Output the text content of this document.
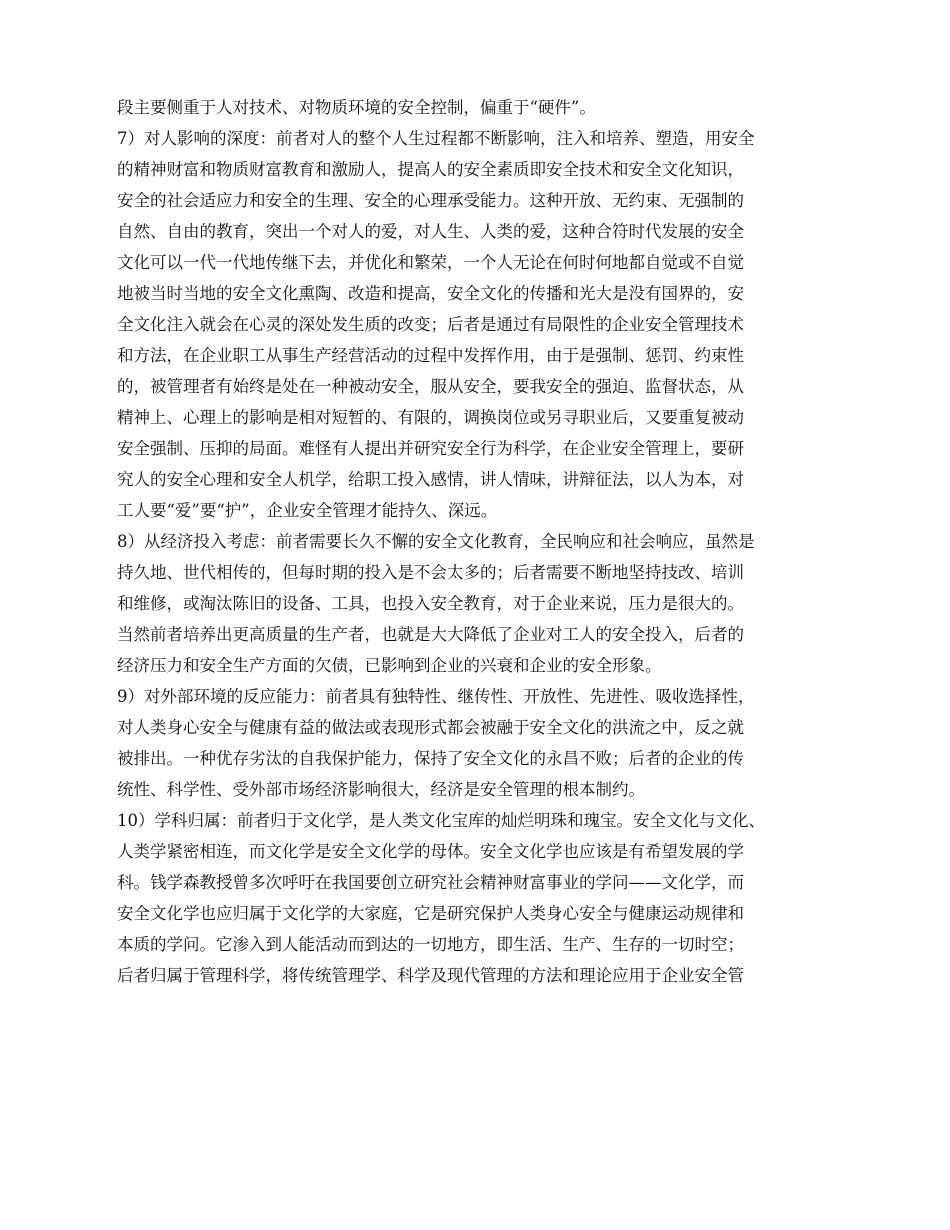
段主要侧重于人对技术、对物质环境的安全控制，偏重于“硬件”。
7）对人影响的深度：前者对人的整个人生过程都不断影响，注入和培养、塑造，用安全
的精神财富和物质财富教育和激励人，提高人的安全素质即安全技术和安全文化知识，
安全的社会适应力和安全的生理、安全的心理承受能力。这种开放、无约束、无强制的
自然、自由的教育，突出一个对人的爱，对人生、人类的爱，这种合符时代发展的安全
文化可以一代一代地传继下去，并优化和繁荣，一个人无论在何时何地都自觉或不自觉
地被当时当地的安全文化熏陶、改造和提高，安全文化的传播和光大是没有国界的，安
全文化注入就会在心灵的深处发生质的改变；后者是通过有局限性的企业安全管理技术
和方法，在企业职工从事生产经营活动的过程中发挥作用，由于是强制、惩罚、约束性
的，被管理者有始终是处在一种被动安全，服从安全，要我安全的强迫、监督状态，从
精神上、心理上的影响是相对短暂的、有限的，调换岗位或另寻职业后，又要重复被动
安全强制、压抑的局面。难怪有人提出并研究安全行为科学，在企业安全管理上，要研
究人的安全心理和安全人机学，给职工投入感情，讲人情味，讲辩征法，以人为本，对
工人要“爱”要“护”，企业安全管理才能持久、深远。
8）从经济投入考虑：前者需要长久不懈的安全文化教育，全民响应和社会响应，虽然是
持久地、世代相传的，但每时期的投入是不会太多的；后者需要不断地坚持技改、培训
和维修，或淘汰陈旧的设备、工具，也投入安全教育，对于企业来说，压力是很大的。
当然前者培养出更高质量的生产者，也就是大大降低了企业对工人的安全投入，后者的
经济压力和安全生产方面的欠债，已影响到企业的兴衰和企业的安全形象。
9）对外部环境的反应能力：前者具有独特性、继传性、开放性、先进性、吸收选择性，
对人类身心安全与健康有益的做法或表现形式都会被融于安全文化的洪流之中，反之就
被排出。一种优存劣汰的自我保护能力，保持了安全文化的永昌不败；后者的企业的传
统性、科学性、受外部市场经济影响很大，经济是安全管理的根本制约。
10）学科归属：前者归于文化学，是人类文化宝库的灿烂明珠和瑰宝。安全文化与文化、
人类学紧密相连，而文化学是安全文化学的母体。安全文化学也应该是有希望发展的学
科。钱学森教授曾多次呼吁在我国要创立研究社会精神财富事业的学问——文化学，而
安全文化学也应归属于文化学的大家庭，它是研究保护人类身心安全与健康运动规律和
本质的学问。它渗入到人能活动而到达的一切地方，即生活、生产、生存的一切时空；
后者归属于管理科学，将传统管理学、科学及现代管理的方法和理论应用于企业安全管
